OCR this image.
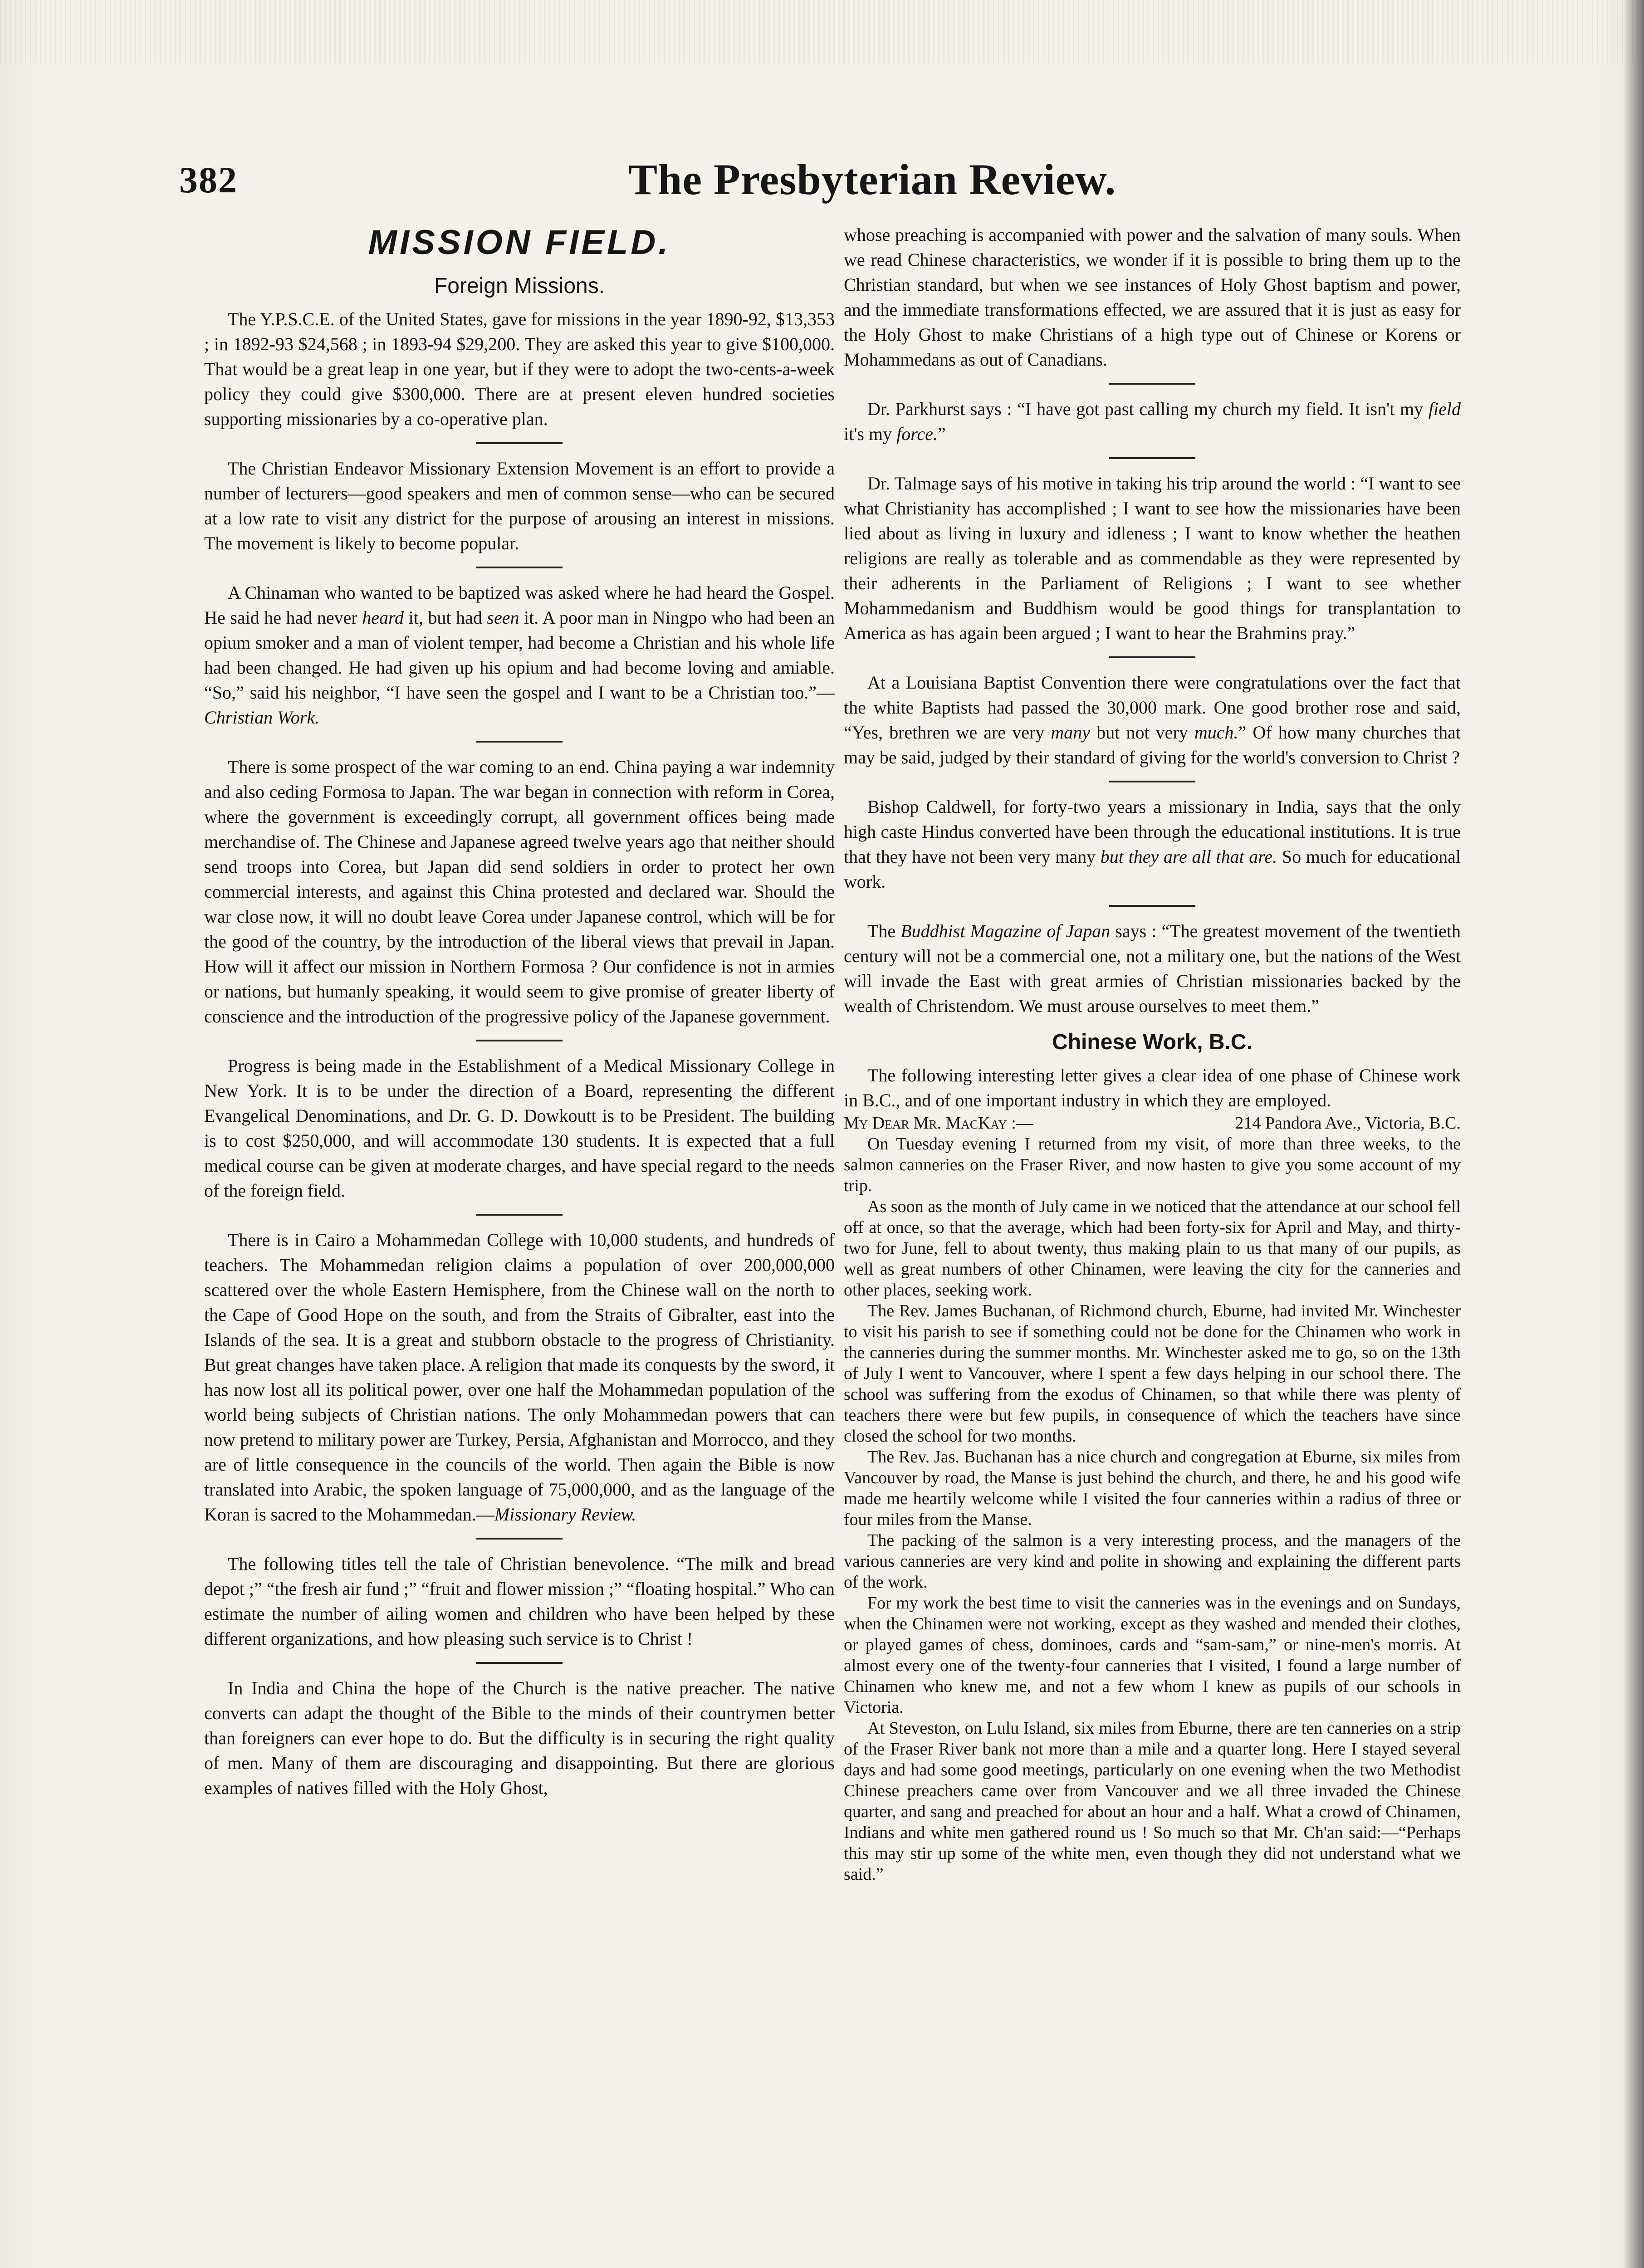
382	The Presbyterian Review.
MISSION FIELD.
Foreign Missions.

The Y.P.S.C.E. of the United States, gave for missions in the year 1890-92, $13,353 ; in 1892-93 $24,568 ; in 1893-94 $29,200. They are asked this year to give $100,000. That would be a great leap in one year, but if they were to adopt the two-cents-a-week policy they could give $300,000. There are at present eleven hundred societies supporting missionaries by a co-operative plan.

The Christian Endeavor Missionary Extension Movement is an effort to provide a number of lecturers—good speakers and men of common sense—who can be secured at a low rate to visit any district for the purpose of arousing an interest in missions. The movement is likely to become popular.

A Chinaman who wanted to be baptized was asked where he had heard the Gospel. He said he had never heard it, but had seen it. A poor man in Ningpo who had been an opium smoker and a man of violent temper, had become a Christian and his whole life had been changed. He had given up his opium and had become loving and amiable. “So,” said his neighbor, “I have seen the gospel and I want to be a Christian too.”—Christian Work.

There is some prospect of the war coming to an end. China paying a war indemnity and also ceding Formosa to Japan. The war began in connection with reform in Corea, where the government is exceedingly corrupt, all government offices being made merchandise of. The Chinese and Japanese agreed twelve years ago that neither should send troops into Corea, but Japan did send soldiers in order to protect her own commercial interests, and against this China protested and declared war. Should the war close now, it will no doubt leave Corea under Japanese control, which will be for the good of the country, by the introduction of the liberal views that prevail in Japan. How will it affect our mission in Northern Formosa ? Our confidence is not in armies or nations, but humanly speaking, it would seem to give promise of greater liberty of conscience and the introduction of the progressive policy of the Japanese government.

Progress is being made in the Establishment of a Medical Missionary College in New York. It is to be under the direction of a Board, representing the different Evangelical Denominations, and Dr. G. D. Dowkoutt is to be President. The building is to cost $250,000, and will accommodate 130 students. It is expected that a full medical course can be given at moderate charges, and have special regard to the needs of the foreign field.

There is in Cairo a Mohammedan College with 10,000 students, and hundreds of teachers. The Mohammedan religion claims a population of over 200,000,000 scattered over the whole Eastern Hemisphere, from the Chinese wall on the north to the Cape of Good Hope on the south, and from the Straits of Gibralter, east into the Islands of the sea. It is a great and stubborn obstacle to the progress of Christianity. But great changes have taken place. A religion that made its conquests by the sword, it has now lost all its political power, over one half the Mohammedan population of the world being subjects of Christian nations. The only Mohammedan powers that can now pretend to military power are Turkey, Persia, Afghanistan and Morrocco, and they are of little consequence in the councils of the world. Then again the Bible is now translated into Arabic, the spoken language of 75,000,000, and as the language of the Koran is sacred to the Mohammedan.—Missionary Review.

The following titles tell the tale of Christian benevolence. “The milk and bread depot ;” “the fresh air fund ;” “fruit and flower mission ;” “floating hospital.” Who can estimate the number of ailing women and children who have been helped by these different organizations, and how pleasing such service is to Christ !

In India and China the hope of the Church is the native preacher. The native converts can adapt the thought of the Bible to the minds of their countrymen better than foreigners can ever hope to do. But the difficulty is in securing the right quality of men. Many of them are discouraging and disappointing. But there are glorious examples of natives filled with the Holy Ghost,

whose preaching is accompanied with power and the salvation of many souls. When we read Chinese characteristics, we wonder if it is possible to bring them up to the Christian standard, but when we see instances of Holy Ghost baptism and power, and the immediate transformations effected, we are assured that it is just as easy for the Holy Ghost to make Christians of a high type out of Chinese or Korens or Mohammedans as out of Canadians.

Dr. Parkhurst says : “I have got past calling my church my field. It isn't my field it's my force.”

Dr. Talmage says of his motive in taking his trip around the world : “I want to see what Christianity has accomplished ; I want to see how the missionaries have been lied about as living in luxury and idleness ; I want to know whether the heathen religions are really as tolerable and as commendable as they were represented by their adherents in the Parliament of Religions ; I want to see whether Mohammedanism and Buddhism would be good things for transplantation to America as has again been argued ; I want to hear the Brahmins pray.”

At a Louisiana Baptist Convention there were congratulations over the fact that the white Baptists had passed the 30,000 mark. One good brother rose and said, “Yes, brethren we are very many but not very much.” Of how many churches that may be said, judged by their standard of giving for the world's conversion to Christ ?

Bishop Caldwell, for forty-two years a missionary in India, says that the only high caste Hindus converted have been through the educational institutions. It is true that they have not been very many but they are all that are. So much for educational work.

The Buddhist Magazine of Japan says : “The greatest movement of the twentieth century will not be a commercial one, not a military one, but the nations of the West will invade the East with great armies of Christian missionaries backed by the wealth of Christendom. We must arouse ourselves to meet them.”

Chinese Work, B.C.

The following interesting letter gives a clear idea of one phase of Chinese work in B.C., and of one important industry in which they are employed.

My Dear Mr. MacKay :—	214 Pandora Ave., Victoria, B.C.

On Tuesday evening I returned from my visit, of more than three weeks, to the salmon canneries on the Fraser River, and now hasten to give you some account of my trip.

As soon as the month of July came in we noticed that the attendance at our school fell off at once, so that the average, which had been forty-six for April and May, and thirty-two for June, fell to about twenty, thus making plain to us that many of our pupils, as well as great numbers of other Chinamen, were leaving the city for the canneries and other places, seeking work.

The Rev. James Buchanan, of Richmond church, Eburne, had invited Mr. Winchester to visit his parish to see if something could not be done for the Chinamen who work in the canneries during the summer months. Mr. Winchester asked me to go, so on the 13th of July I went to Vancouver, where I spent a few days helping in our school there. The school was suffering from the exodus of Chinamen, so that while there was plenty of teachers there were but few pupils, in consequence of which the teachers have since closed the school for two months.

The Rev. Jas. Buchanan has a nice church and congregation at Eburne, six miles from Vancouver by road, the Manse is just behind the church, and there, he and his good wife made me heartily welcome while I visited the four canneries within a radius of three or four miles from the Manse.

The packing of the salmon is a very interesting process, and the managers of the various canneries are very kind and polite in showing and explaining the different parts of the work.

For my work the best time to visit the canneries was in the evenings and on Sundays, when the Chinamen were not working, except as they washed and mended their clothes, or played games of chess, dominoes, cards and “sam-sam,” or nine-men's morris. At almost every one of the twenty-four canneries that I visited, I found a large number of Chinamen who knew me, and not a few whom I knew as pupils of our schools in Victoria.

At Steveston, on Lulu Island, six miles from Eburne, there are ten canneries on a strip of the Fraser River bank not more than a mile and a quarter long. Here I stayed several days and had some good meetings, particularly on one evening when the two Methodist Chinese preachers came over from Vancouver and we all three invaded the Chinese quarter, and sang and preached for about an hour and a half. What a crowd of Chinamen, Indians and white men gathered round us ! So much so that Mr. Ch'an said:—“Perhaps this may stir up some of the white men, even though they did not understand what we said.”
